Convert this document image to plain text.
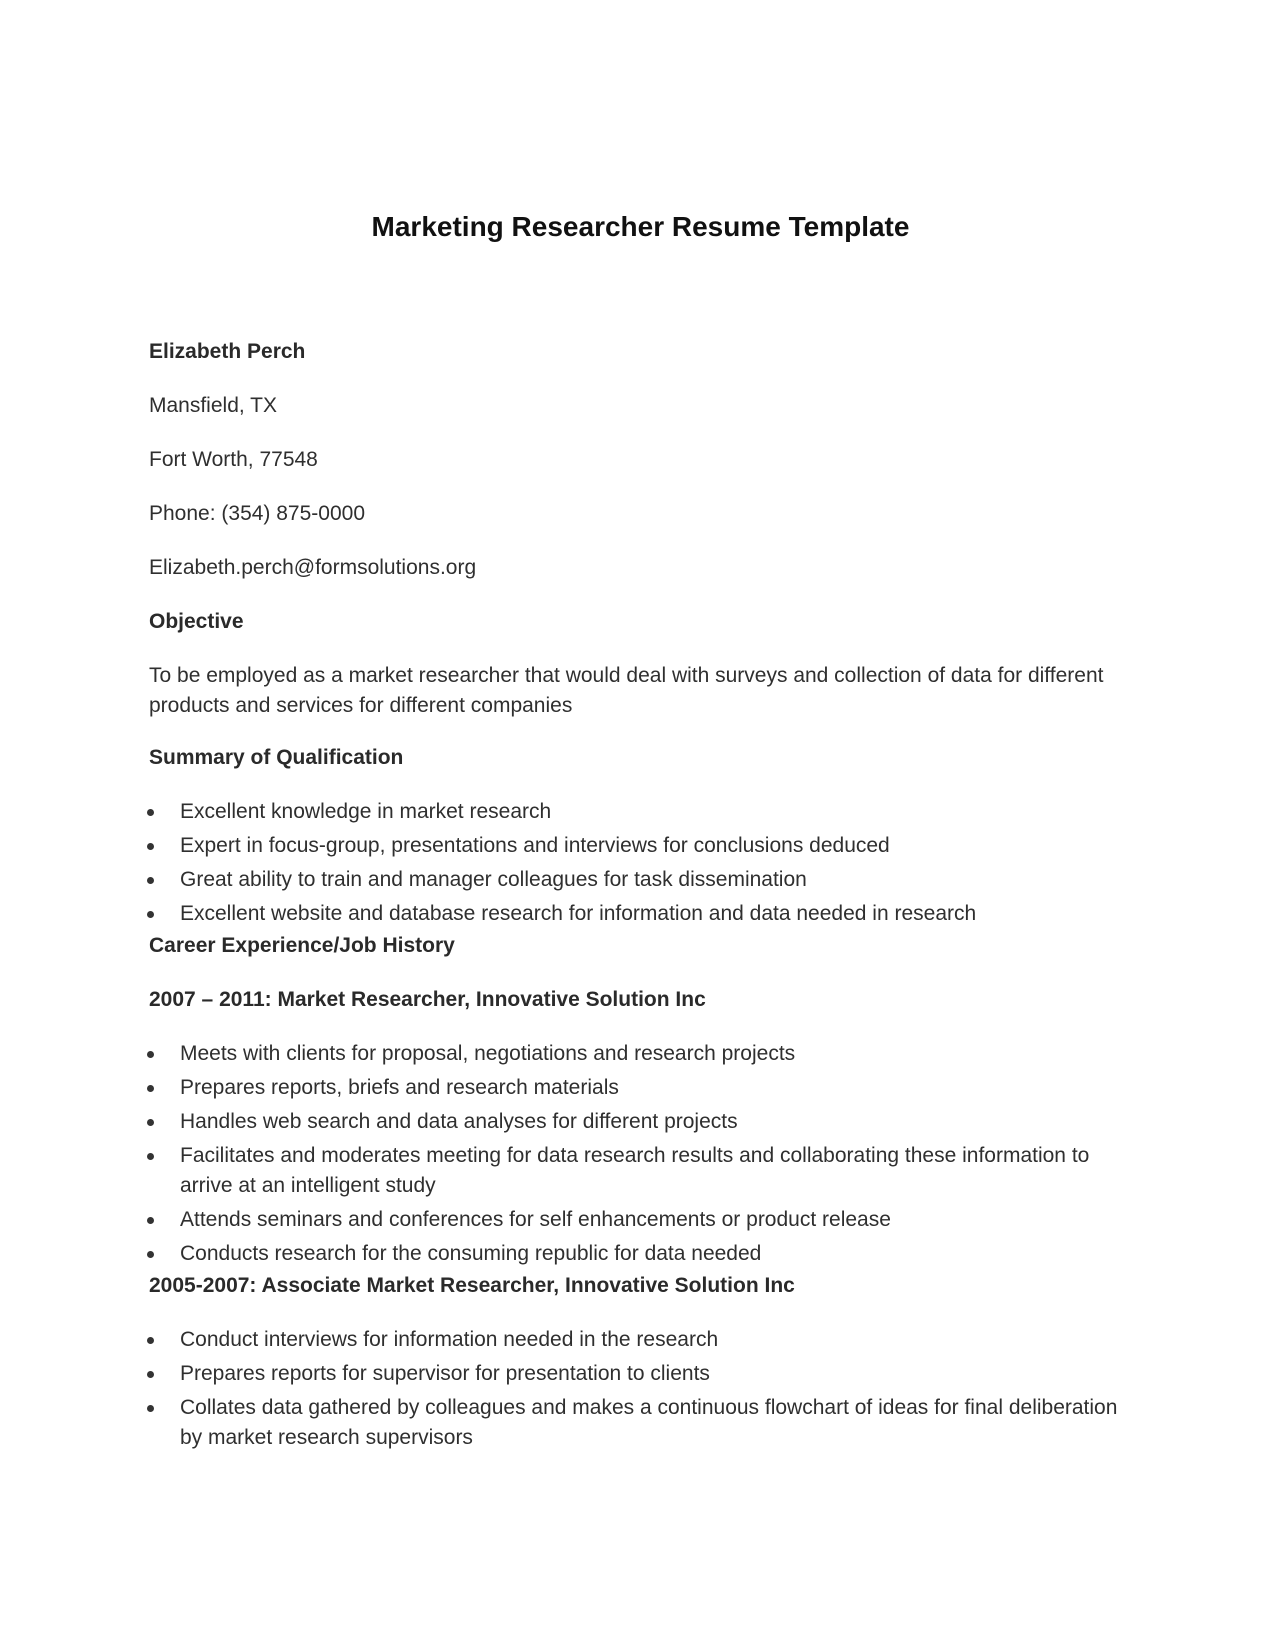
Marketing Researcher Resume Template
Elizabeth Perch
Mansfield, TX
Fort Worth, 77548
Phone: (354) 875-0000
Elizabeth.perch@formsolutions.org
Objective
To be employed as a market researcher that would deal with surveys and collection of data for different products and services for different companies
Summary of Qualification
Excellent knowledge in market research
Expert in focus-group, presentations and interviews for conclusions deduced
Great ability to train and manager colleagues for task dissemination
Excellent website and database research for information and data needed in research
Career Experience/Job History
2007 – 2011: Market Researcher, Innovative Solution Inc
Meets with clients for proposal, negotiations and research projects
Prepares reports, briefs and research materials
Handles web search and data analyses for different projects
Facilitates and moderates meeting for data research results and collaborating these information to arrive at an intelligent study
Attends seminars and conferences for self enhancements or product release
Conducts research for the consuming republic for data needed
2005-2007: Associate Market Researcher, Innovative Solution Inc
Conduct interviews for information needed in the research
Prepares reports for supervisor for presentation to clients
Collates data gathered by colleagues and makes a continuous flowchart of ideas for final deliberation by market research supervisors
